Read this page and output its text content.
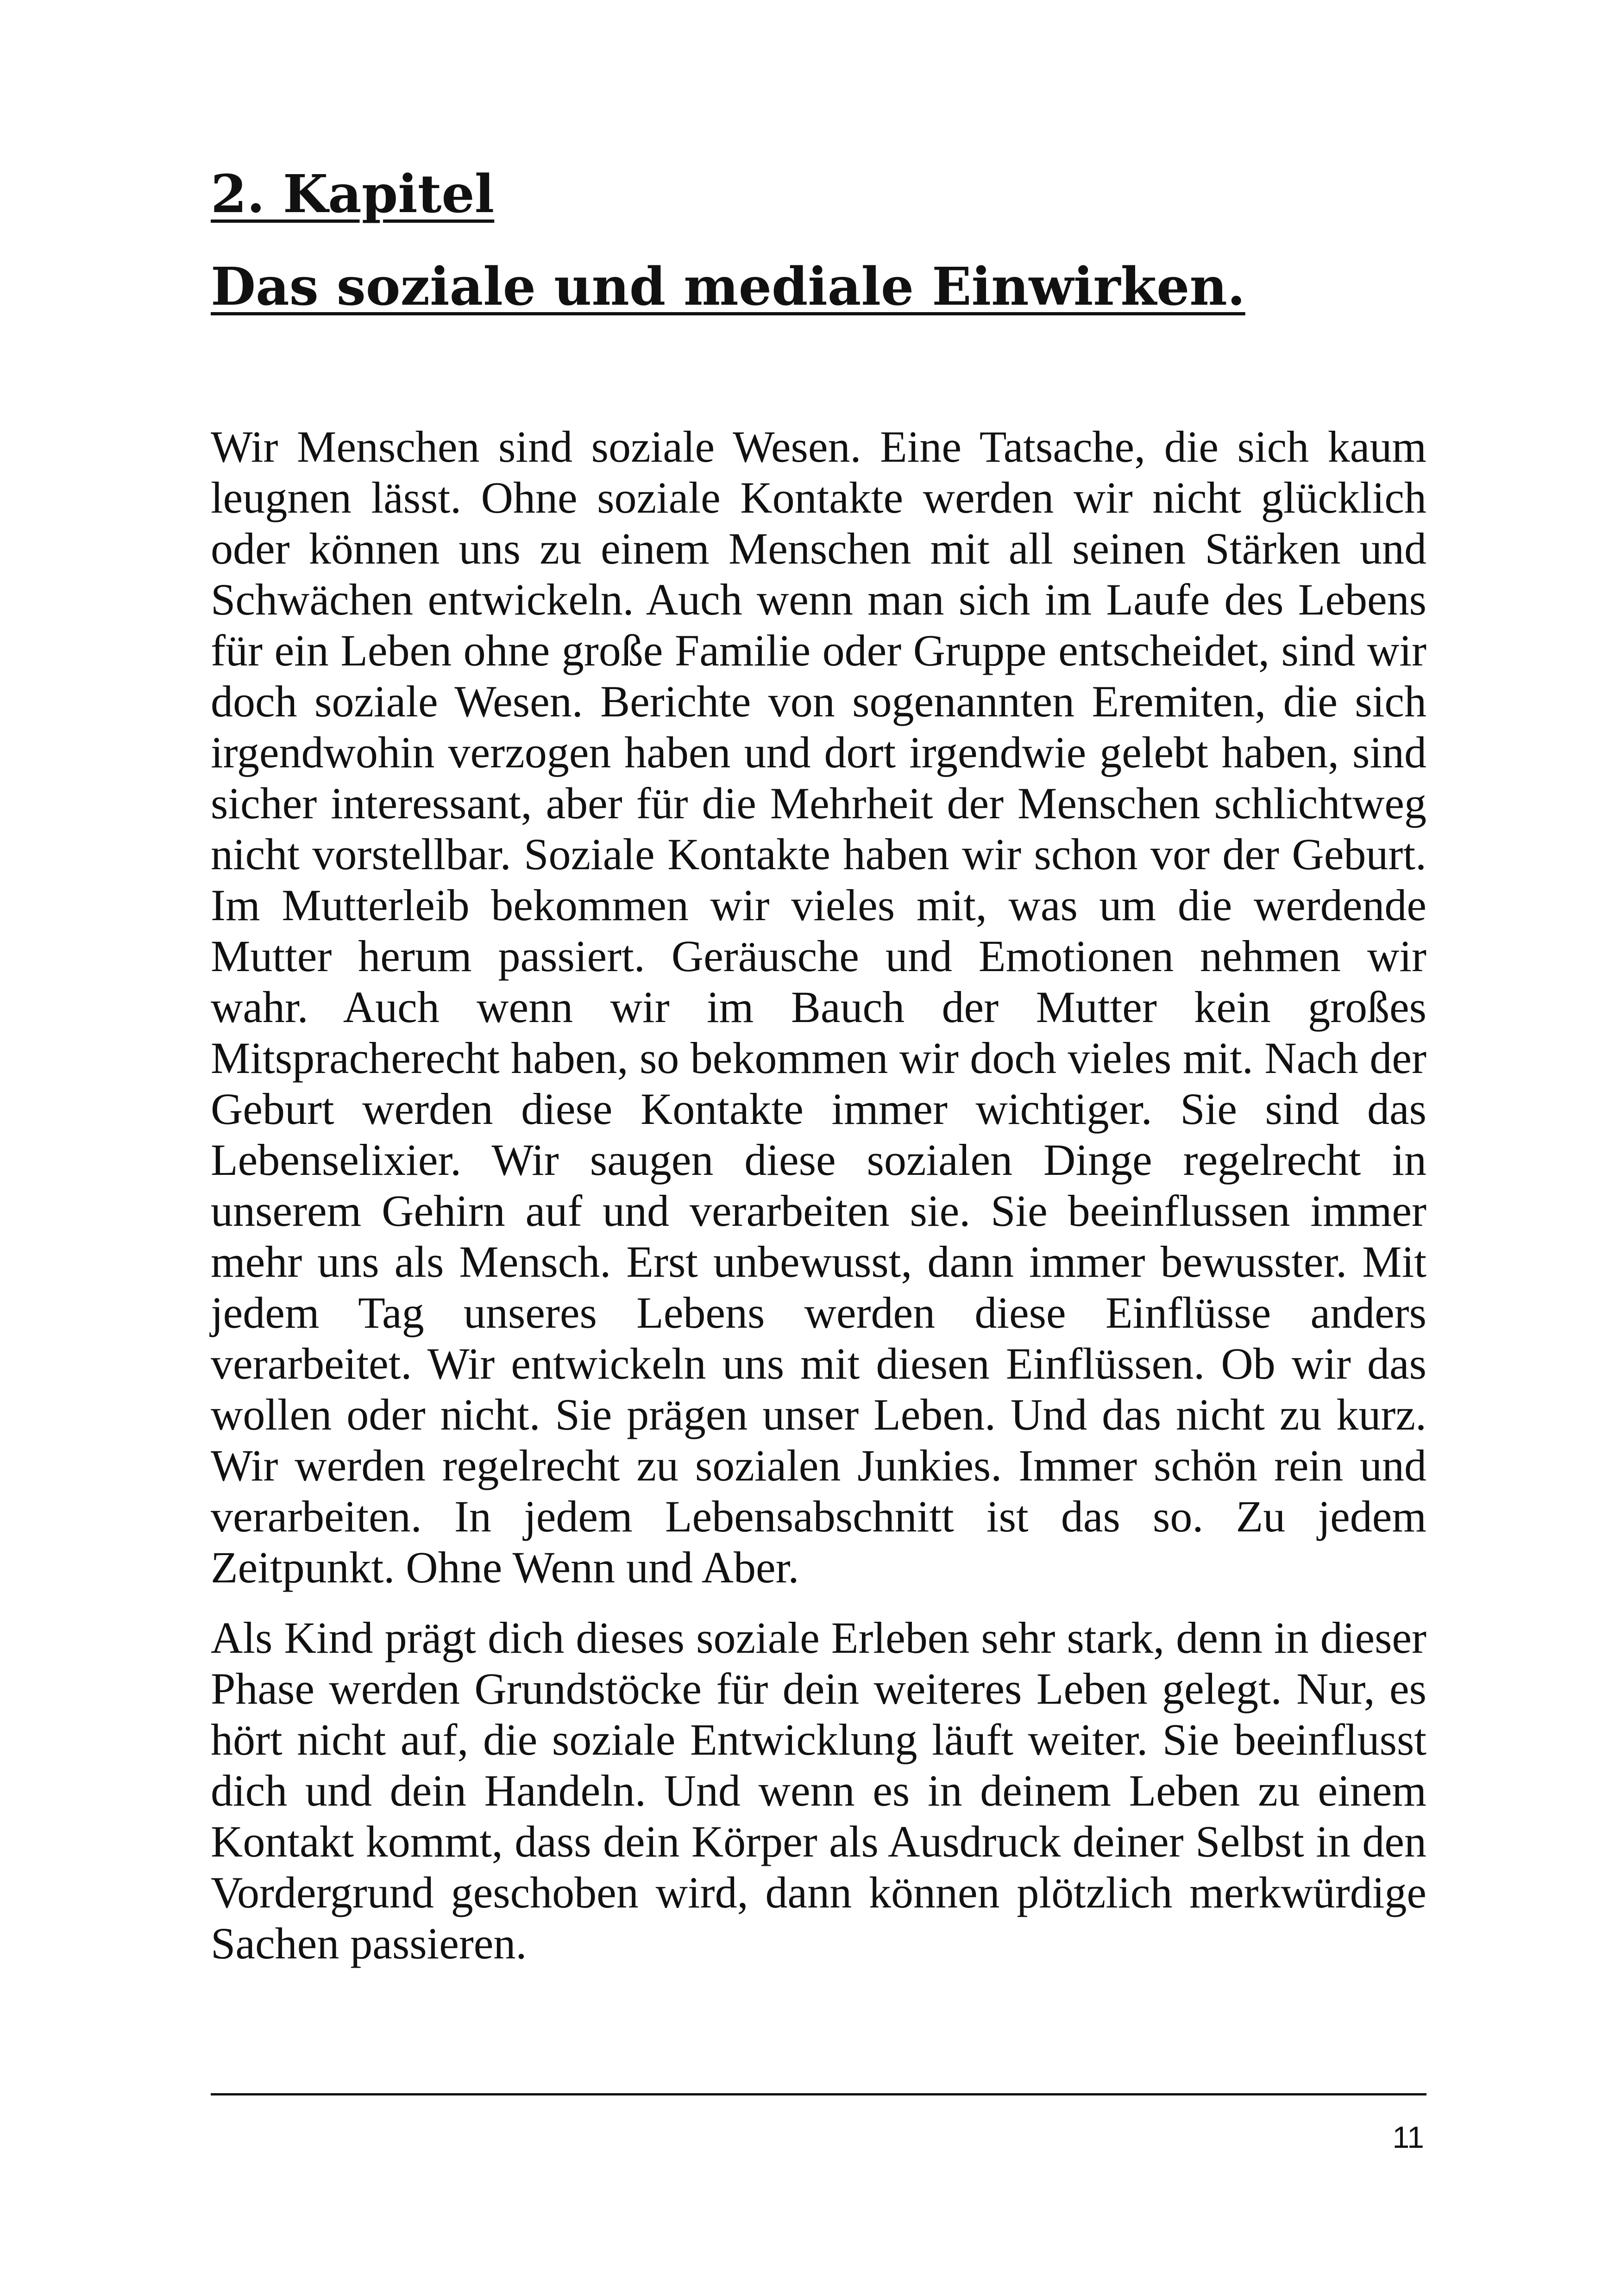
2. Kapitel
Das soziale und mediale Einwirken.

Wir Menschen sind soziale Wesen. Eine Tatsache, die sich kaum leugnen lässt. Ohne soziale Kontakte werden wir nicht glücklich oder können uns zu einem Menschen mit all seinen Stärken und Schwächen entwickeln. Auch wenn man sich im Laufe des Lebens für ein Leben ohne große Familie oder Gruppe entscheidet, sind wir doch soziale Wesen. Berichte von sogenannten Eremiten, die sich irgendwohin verzogen haben und dort irgendwie gelebt haben, sind sicher interessant, aber für die Mehrheit der Menschen schlichtweg nicht vorstellbar. Soziale Kontakte haben wir schon vor der Geburt. Im Mutterleib bekommen wir vieles mit, was um die werdende Mutter herum passiert. Geräusche und Emotionen nehmen wir wahr. Auch wenn wir im Bauch der Mutter kein großes Mitspracherecht haben, so bekommen wir doch vieles mit. Nach der Geburt werden diese Kontakte immer wichtiger. Sie sind das Lebenselixier. Wir saugen diese sozialen Dinge regelrecht in unserem Gehirn auf und verarbeiten sie. Sie beeinflussen immer mehr uns als Mensch. Erst unbewusst, dann immer bewusster. Mit jedem Tag unseres Lebens werden diese Einflüsse anders verarbeitet. Wir entwickeln uns mit diesen Einflüssen. Ob wir das wollen oder nicht. Sie prägen unser Leben. Und das nicht zu kurz. Wir werden regelrecht zu sozialen Junkies. Immer schön rein und verarbeiten. In jedem Lebensabschnitt ist das so. Zu jedem Zeitpunkt. Ohne Wenn und Aber.

Als Kind prägt dich dieses soziale Erleben sehr stark, denn in dieser Phase werden Grundstöcke für dein weiteres Leben gelegt. Nur, es hört nicht auf, die soziale Entwicklung läuft weiter. Sie beeinflusst dich und dein Handeln. Und wenn es in deinem Leben zu einem Kontakt kommt, dass dein Körper als Ausdruck deiner Selbst in den Vordergrund geschoben wird, dann können plötzlich merkwürdige Sachen passieren.

11
